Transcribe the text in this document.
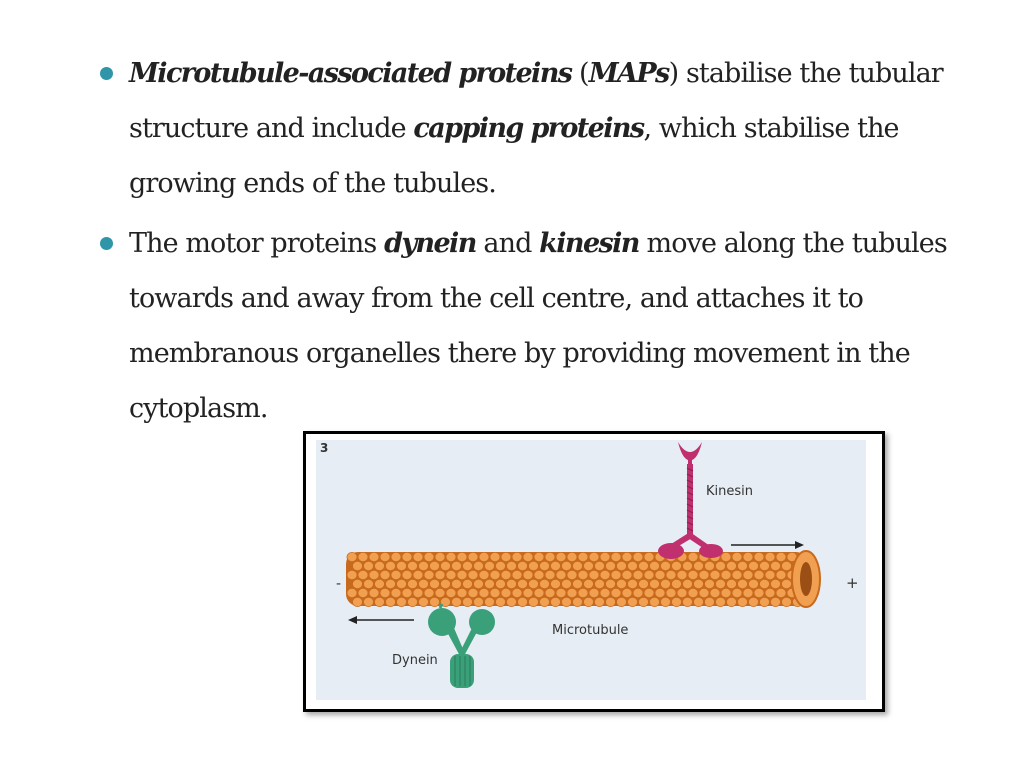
Microtubule-associated proteins (MAPs) stabilise the tubular structure and include capping proteins, which stabilise the growing ends of the tubules.
The motor proteins dynein and kinesin move along the tubules towards and away from the cell centre, and attaches it to membranous organelles there by providing movement in the cytoplasm.
3
Kinesin
Microtubule
Dynein
-	+
